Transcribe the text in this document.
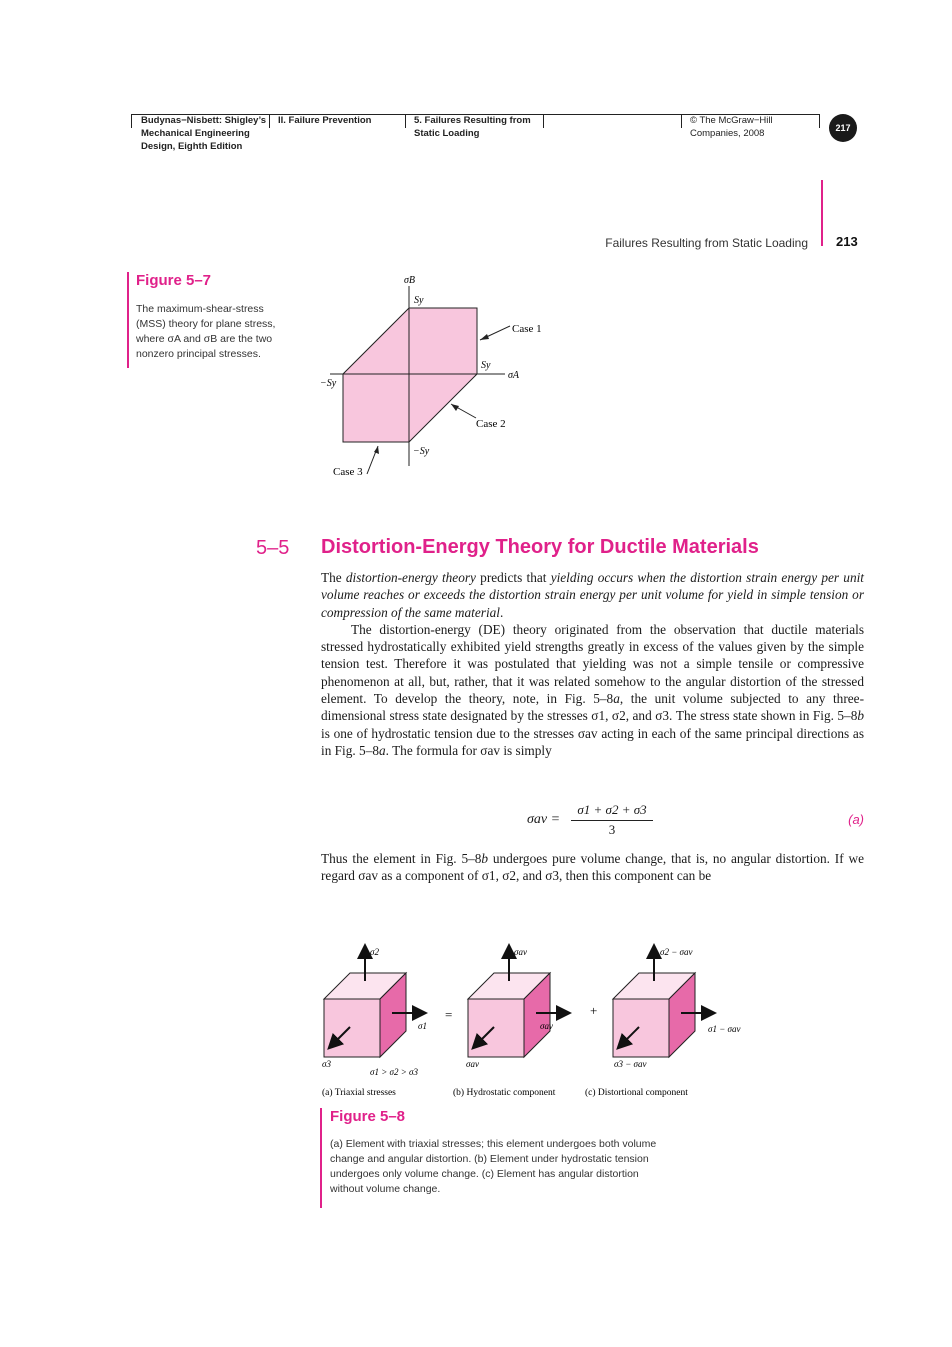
Budynas−Nisbett: Shigley’s
Mechanical Engineering
Design, Eighth Edition
II. Failure Prevention	5. Failures Resulting from
Static Loading
© The McGraw−Hill
Companies, 2008	217
Failures Resulting from Static Loading 213
Figure 5–7
The maximum-shear-stress
(MSS) theory for plane stress,
where σA and σB are the two
nonzero principal stresses.
σB
σA
Sy
Sy
−Sy
−Sy
Case 1
Case 2
Case 3
5–5 Distortion-Energy Theory for Ductile Materials

The distortion-energy theory predicts that yielding occurs when the distortion strain energy per unit volume reaches or exceeds the distortion strain energy per unit volume for yield in simple tension or compression of the same material.

The distortion-energy (DE) theory originated from the observation that ductile materials stressed hydrostatically exhibited yield strengths greatly in excess of the values given by the simple tension test. Therefore it was postulated that yielding was not a simple tensile or compressive phenomenon at all, but, rather, that it was related somehow to the angular distortion of the stressed element. To develop the theory, note, in Fig. 5–8a, the unit volume subjected to any three-dimensional stress state designated by the stresses σ1, σ2, and σ3. The stress state shown in Fig. 5–8b is one of hydrostatic tension due to the stresses σav acting in each of the same principal directions as in Fig. 5–8a. The formula for σav is simply

σav =
σ1 + σ2 + σ3
3
(a)

Thus the element in Fig. 5–8b undergoes pure volume change, that is, no angular distortion. If we regard σav as a component of σ1, σ2, and σ3, then this component can be

σ2
σ1
σ3
σ1 > σ2 > σ3
=
σav
σav
σav
+
σ2 − σav
σ1 − σav
σ3 − σav
(a) Triaxial stresses	(b) Hydrostatic component	(c) Distortional component
Figure 5–8
(a) Element with triaxial stresses; this element undergoes both volume
change and angular distortion. (b) Element under hydrostatic tension
undergoes only volume change. (c) Element has angular distortion
without volume change.
